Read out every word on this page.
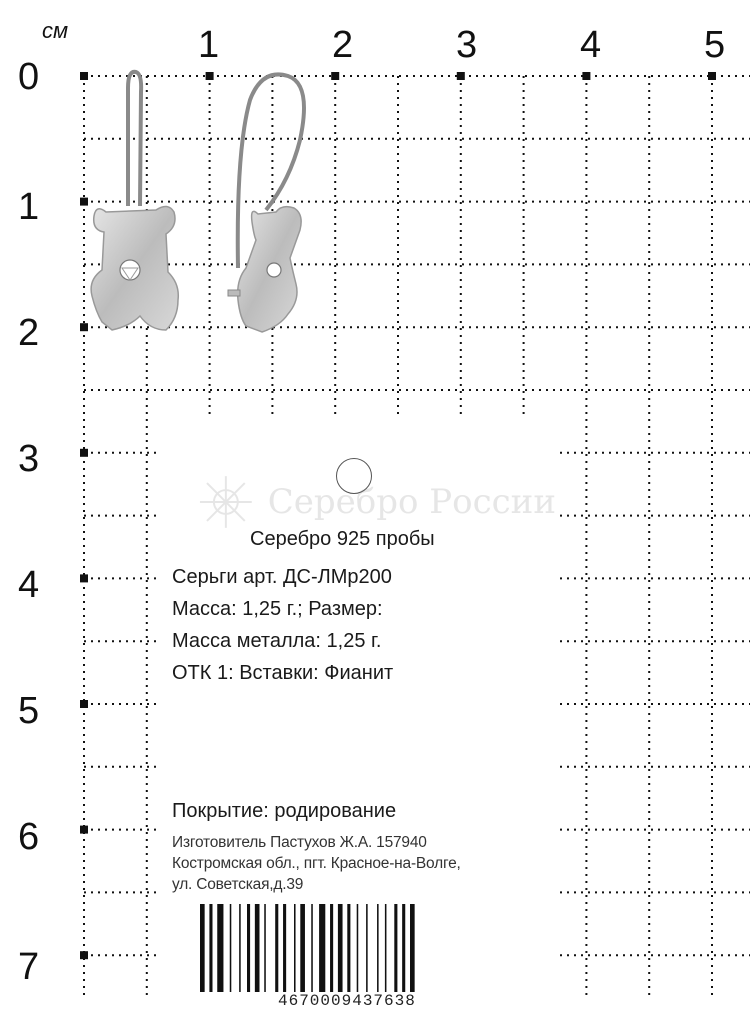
см	1	2	3	4	5
0
1
2
3
4
5
6
7
Серебро России
Серебро 925 пробы
Серьги арт. ДС-ЛМр200
Масса: 1,25 г.; Размер:
Масса металла: 1,25 г.
ОТК 1: Вставки: Фианит
Покрытие: родирование
Изготовитель Пастухов Ж.А. 157940
Костромская обл., пгт. Красное-на-Волге,
ул. Советская,д.39
4670009437638
